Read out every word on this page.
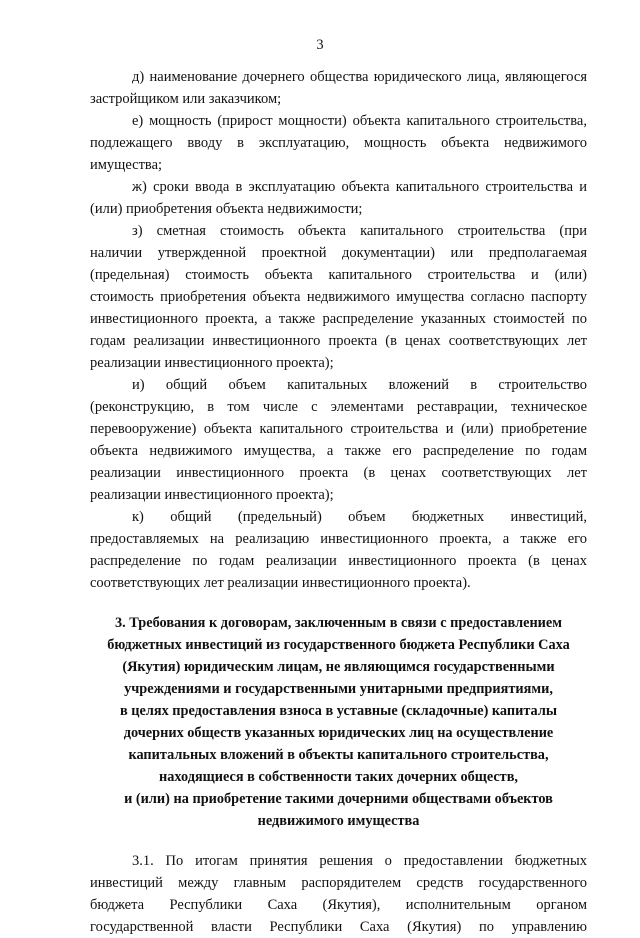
3
д) наименование дочернего общества юридического лица, являющегося
застройщиком или заказчиком;
е) мощность (прирост мощности) объекта капитального строительства,
подлежащего вводу в эксплуатацию, мощность объекта недвижимого
имущества;
ж) сроки ввода в эксплуатацию объекта капитального строительства и
(или) приобретения объекта недвижимости;
з) сметная стоимость объекта капитального строительства (при
наличии утвержденной проектной документации) или предполагаемая
(предельная) стоимость объекта капитального строительства и (или)
стоимость приобретения объекта недвижимого имущества согласно паспорту
инвестиционного проекта, а также распределение указанных стоимостей по
годам реализации инвестиционного проекта (в ценах соответствующих лет
реализации инвестиционного проекта);
и) общий объем капитальных вложений в строительство
(реконструкцию, в том числе с элементами реставрации, техническое
перевооружение) объекта капитального строительства и (или) приобретение
объекта недвижимого имущества, а также его распределение по годам
реализации инвестиционного проекта (в ценах соответствующих лет
реализации инвестиционного проекта);
к) общий (предельный) объем бюджетных инвестиций,
предоставляемых на реализацию инвестиционного проекта, а также его
распределение по годам реализации инвестиционного проекта (в ценах
соответствующих лет реализации инвестиционного проекта).
3. Требования к договорам, заключенным в связи с предоставлением
бюджетных инвестиций из государственного бюджета Республики Саха
(Якутия) юридическим лицам, не являющимся государственными
учреждениями и государственными унитарными предприятиями,
в целях предоставления взноса в уставные (складочные) капиталы
дочерних обществ указанных юридических лиц на осуществление
капитальных вложений в объекты капитального строительства,
находящиеся в собственности таких дочерних обществ,
и (или) на приобретение такими дочерними обществами объектов
недвижимого имущества
3.1. По итогам принятия решения о предоставлении бюджетных
инвестиций между главным распорядителем средств государственного
бюджета Республики Саха (Якутия), исполнительным органом
государственной власти Республики Саха (Якутия) по управлению
